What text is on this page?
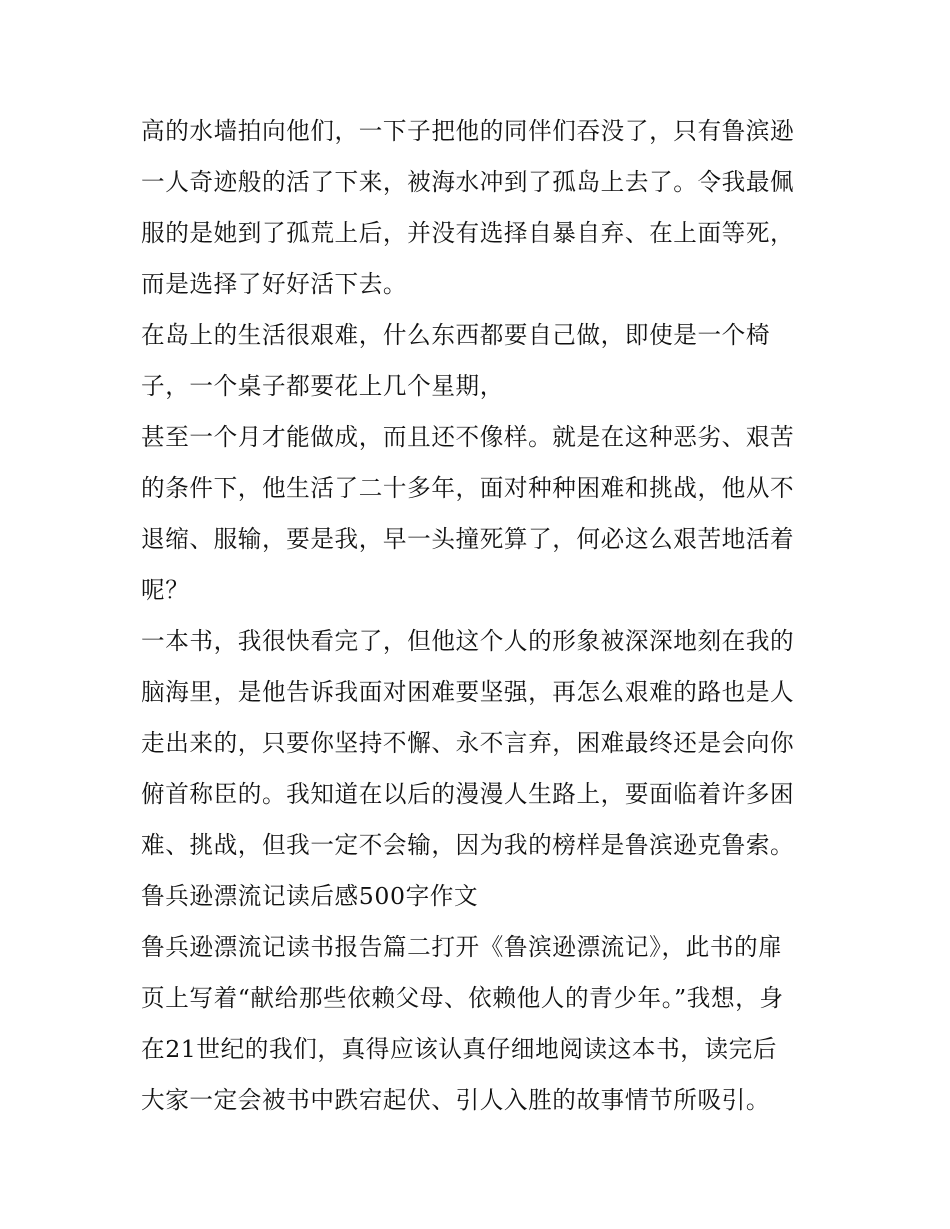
高的水墙拍向他们，一下子把他的同伴们吞没了，只有鲁滨逊
一人奇迹般的活了下来，被海水冲到了孤岛上去了。令我最佩
服的是她到了孤荒上后，并没有选择自暴自弃、在上面等死，
而是选择了好好活下去。
在岛上的生活很艰难，什么东西都要自己做，即使是一个椅
子，一个桌子都要花上几个星期，
甚至一个月才能做成，而且还不像样。就是在这种恶劣、艰苦
的条件下，他生活了二十多年，面对种种困难和挑战，他从不
退缩、服输，要是我，早一头撞死算了，何必这么艰苦地活着
呢？
一本书，我很快看完了，但他这个人的形象被深深地刻在我的
脑海里，是他告诉我面对困难要坚强，再怎么艰难的路也是人
走出来的，只要你坚持不懈、永不言弃，困难最终还是会向你
俯首称臣的。我知道在以后的漫漫人生路上，要面临着许多困
难、挑战，但我一定不会输，因为我的榜样是鲁滨逊克鲁索。
鲁兵逊漂流记读后感500字作文
鲁兵逊漂流记读书报告篇二打开《鲁滨逊漂流记》，此书的扉
页上写着“献给那些依赖父母、依赖他人的青少年。”我想，身
在21世纪的我们，真得应该认真仔细地阅读这本书，读完后
大家一定会被书中跌宕起伏、引人入胜的故事情节所吸引。
